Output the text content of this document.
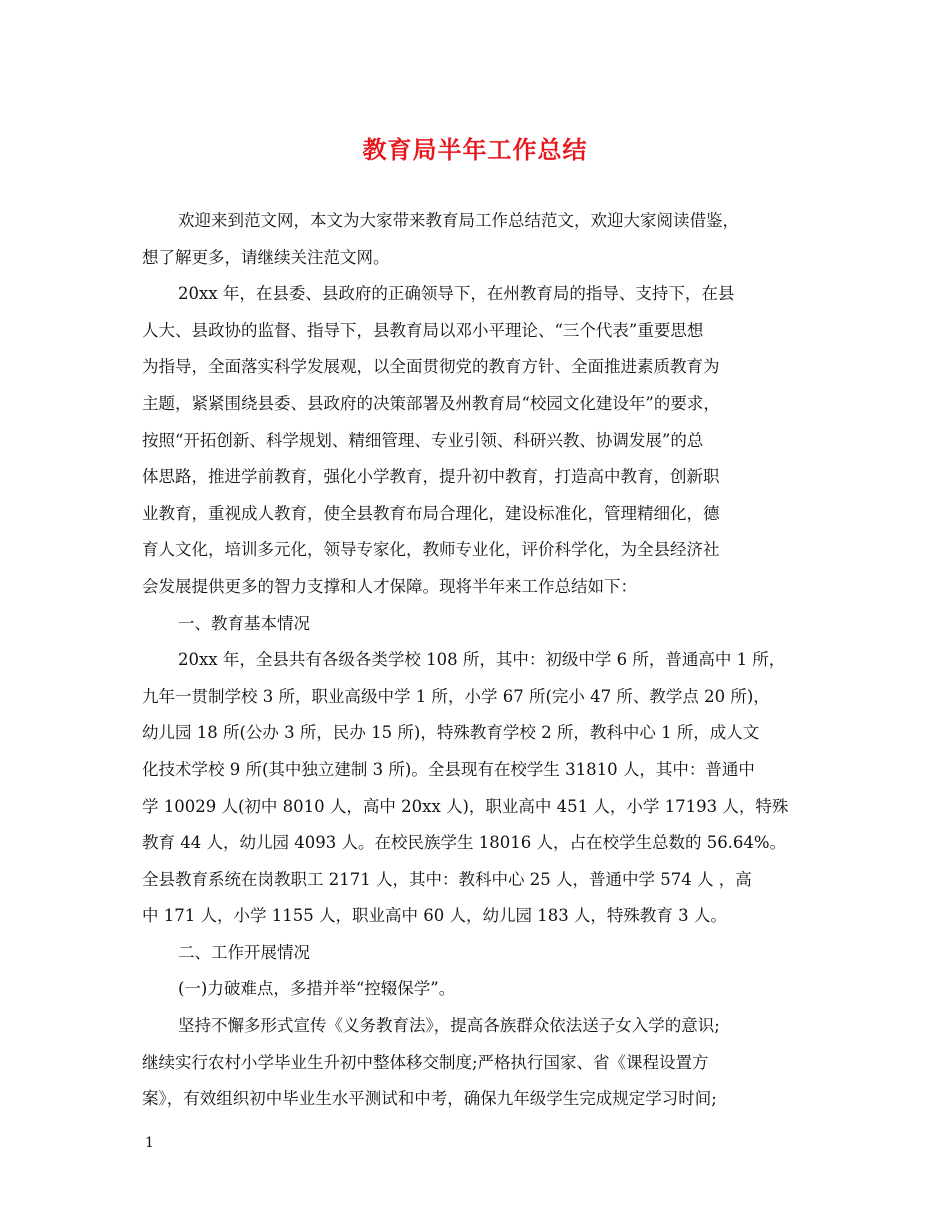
教育局半年工作总结
欢迎来到范文网，本文为大家带来教育局工作总结范文，欢迎大家阅读借鉴，
想了解更多，请继续关注范文网。
20xx 年，在县委、县政府的正确领导下，在州教育局的指导、支持下，在县
人大、县政协的监督、指导下，县教育局以邓小平理论、“三个代表”重要思想
为指导，全面落实科学发展观，以全面贯彻党的教育方针、全面推进素质教育为
主题，紧紧围绕县委、县政府的决策部署及州教育局“校园文化建设年”的要求，
按照“开拓创新、科学规划、精细管理、专业引领、科研兴教、协调发展”的总
体思路，推进学前教育，强化小学教育，提升初中教育，打造高中教育，创新职
业教育，重视成人教育，使全县教育布局合理化，建设标准化，管理精细化，德
育人文化，培训多元化，领导专家化，教师专业化，评价科学化，为全县经济社
会发展提供更多的智力支撑和人才保障。现将半年来工作总结如下：
一、教育基本情况
20xx 年，全县共有各级各类学校 108 所，其中：初级中学 6 所，普通高中 1 所，
九年一贯制学校 3 所，职业高级中学 1 所，小学 67 所(完小 47 所、教学点 20 所)，
幼儿园 18 所(公办 3 所，民办 15 所)，特殊教育学校 2 所，教科中心 1 所，成人文
化技术学校 9 所(其中独立建制 3 所)。全县现有在校学生 31810 人，其中：普通中
学 10029 人(初中 8010 人，高中 20xx 人)，职业高中 451 人，小学 17193 人，特殊
教育 44 人，幼儿园 4093 人。在校民族学生 18016 人，占在校学生总数的 56.64%。
全县教育系统在岗教职工 2171 人，其中：教科中心 25 人，普通中学 574 人 ，高
中 171 人，小学 1155 人，职业高中 60 人，幼儿园 183 人，特殊教育 3 人。
二、工作开展情况
(一)力破难点，多措并举“控辍保学”。
坚持不懈多形式宣传《义务教育法》，提高各族群众依法送子女入学的意识;
继续实行农村小学毕业生升初中整体移交制度;严格执行国家、省《课程设置方
案》，有效组织初中毕业生水平测试和中考，确保九年级学生完成规定学习时间;
1
